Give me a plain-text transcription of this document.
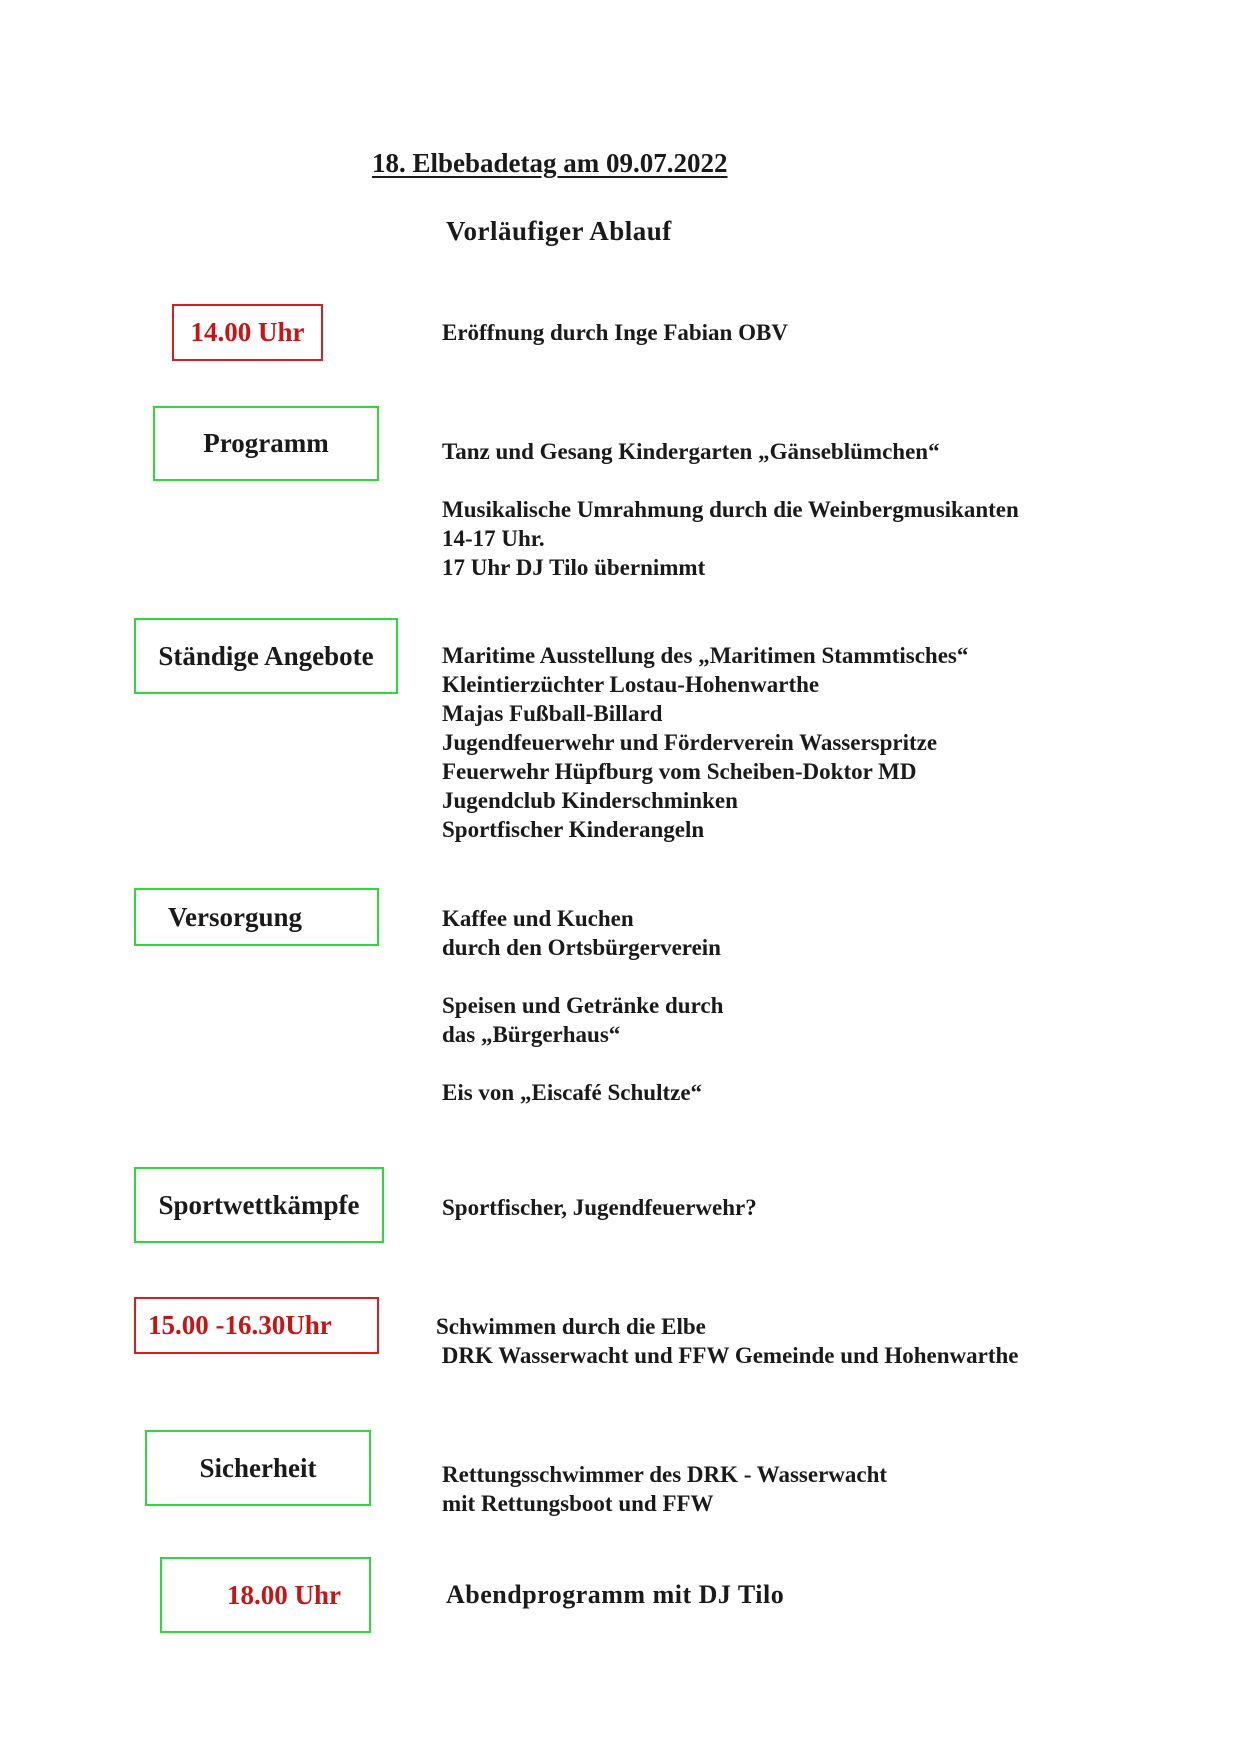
18. Elbebadetag am 09.07.2022
Vorläufiger Ablauf
14.00 Uhr	Eröffnung durch Inge Fabian OBV
Programm	Tanz und Gesang Kindergarten „Gänseblümchen“
Musikalische Umrahmung durch die Weinbergmusikanten
14-17 Uhr.
17 Uhr DJ Tilo übernimmt
Ständige Angebote	Maritime Ausstellung des „Maritimen Stammtisches“
Kleintierzüchter Lostau-Hohenwarthe
Majas Fußball-Billard
Jugendfeuerwehr und Förderverein Wasserspritze
Feuerwehr Hüpfburg vom Scheiben-Doktor MD
Jugendclub Kinderschminken
Sportfischer Kinderangeln
Versorgung	Kaffee und Kuchen
durch den Ortsbürgerverein
Speisen und Getränke durch
das „Bürgerhaus“
Eis von „Eiscafé Schultze“
Sportwettkämpfe	Sportfischer, Jugendfeuerwehr?
15.00 -16.30Uhr	Schwimmen durch die Elbe
DRK Wasserwacht und FFW Gemeinde und Hohenwarthe
Sicherheit	Rettungsschwimmer des DRK - Wasserwacht
mit Rettungsboot und FFW
18.00 Uhr	Abendprogramm mit DJ Tilo
